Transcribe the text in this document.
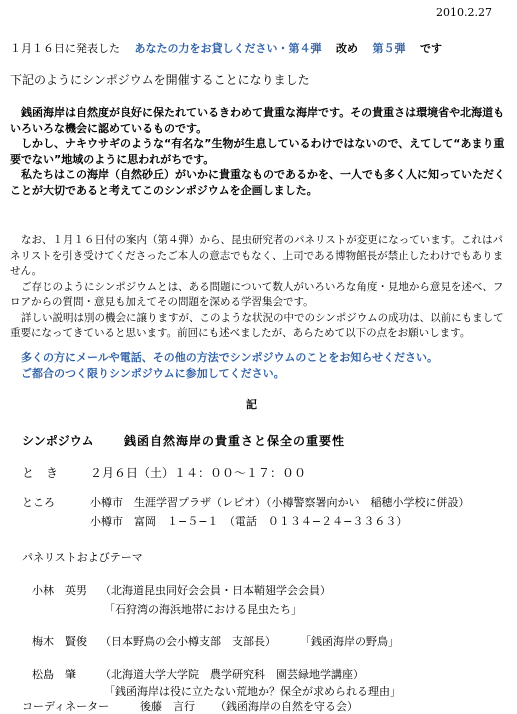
2010.2.27
１月１６日に発表した　 あなたの力をお貸しください・第４弾　 改め　 第５弾　 です
下記のようにシンポジウムを開催することになりました

銭函海岸は自然度が良好に保たれているきわめて貴重な海岸です。その貴重さは環境省や北海道もいろいろな機会に認めているものです。

しかし、ナキウサギのような“有名な”生物が生息しているわけではないので、えてして“あまり重要でない”地域のように思われがちです。

私たちはこの海岸（自然砂丘）がいかに貴重なものであるかを、一人でも多く人に知っていただくことが大切であると考えてこのシンポジウムを企画しました。

なお、１月１６日付の案内（第４弾）から、昆虫研究者のパネリストが変更になっています。これはパネリストを引き受けてくださったご本人の意志でもなく、上司である博物館長が禁止したわけでもありません。

ご存じのようにシンポジウムとは、ある問題について数人がいろいろな角度・見地から意見を述べ、フロアからの質問・意見も加えてその問題を深める学習集会です。

詳しい説明は別の機会に譲りますが、このような状況の中でのシンポジウムの成功は、以前にもまして重要になってきていると思います。前回にも述べましたが、あらためて以下の点をお願いします。

多くの方にメールや電話、その他の方法でシンポジウムのことをお知らせください。

ご都合のつく限りシンポジウムに参加してください。

記
シンポジウム	銭函自然海岸の貴重さと保全の重要性
と　き	２月６日（土）１４：００〜１７：００
ところ	小樽市　生涯学習プラザ（レピオ）（小樽警察署向かい　稲穂小学校に併設）
小樽市　富岡　１−５−１　（電話　０１３４−２４−３３６３）
パネリストおよびテーマ
小林　英男 （北海道昆虫同好会会員・日本鞘翅学会会員）
「石狩湾の海浜地帯における昆虫たち」
梅木　賢俊 （日本野鳥の会小樽支部　支部長） 「銭函海岸の野鳥」
松島　肇 （北海道大学大学院　農学研究科　園芸緑地学講座）
「銭函海岸は役に立たない荒地か？保全が求められる理由」
コーディネーター	後藤　言行 （銭函海岸の自然を守る会）
